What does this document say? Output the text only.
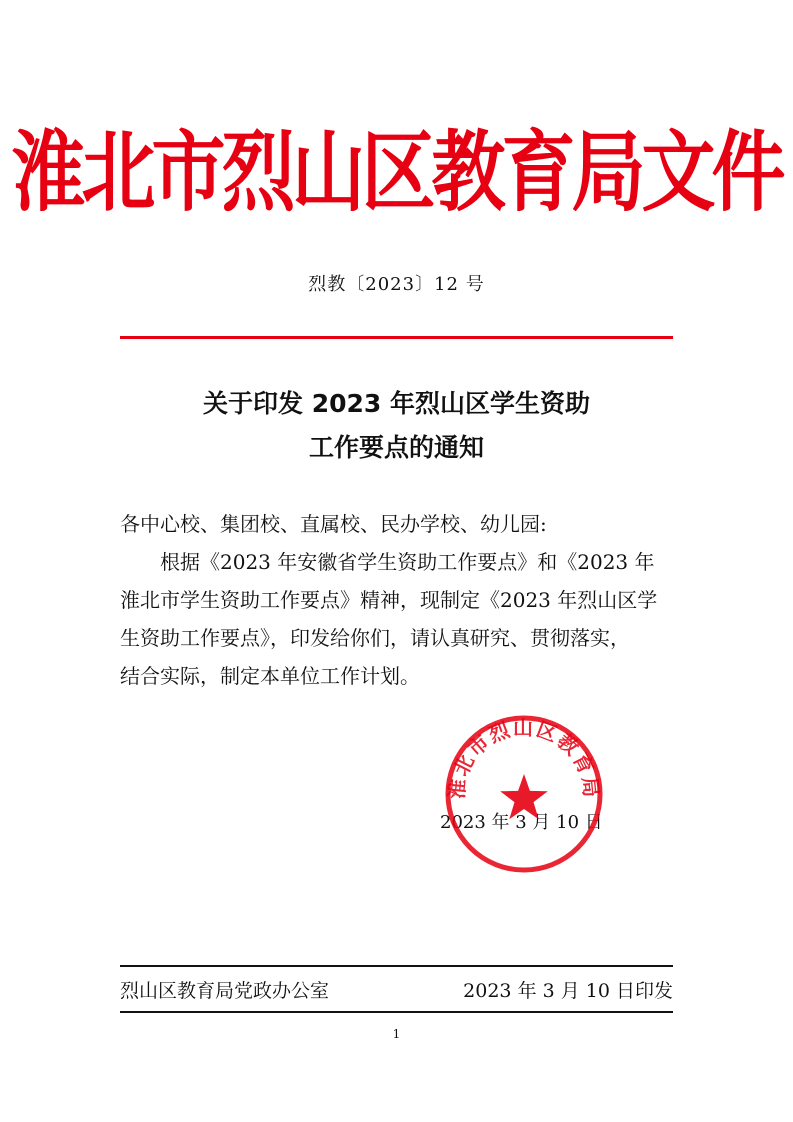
淮北市烈山区教育局文件
烈教〔2023〕12 号
关于印发 2023 年烈山区学生资助
工作要点的通知

各中心校、集团校、直属校、民办学校、幼儿园:

根据《2023 年安徽省学生资助工作要点》和《2023 年

淮北市学生资助工作要点》精神，现制定《2023 年烈山区学

生资助工作要点》，印发给你们，请认真研究、贯彻落实，

结合实际，制定本单位工作计划。

2023 年 3 月 10 日
淮北市烈山区教育局
烈山区教育局党政办公室	2023 年 3 月 10 日印发
1
